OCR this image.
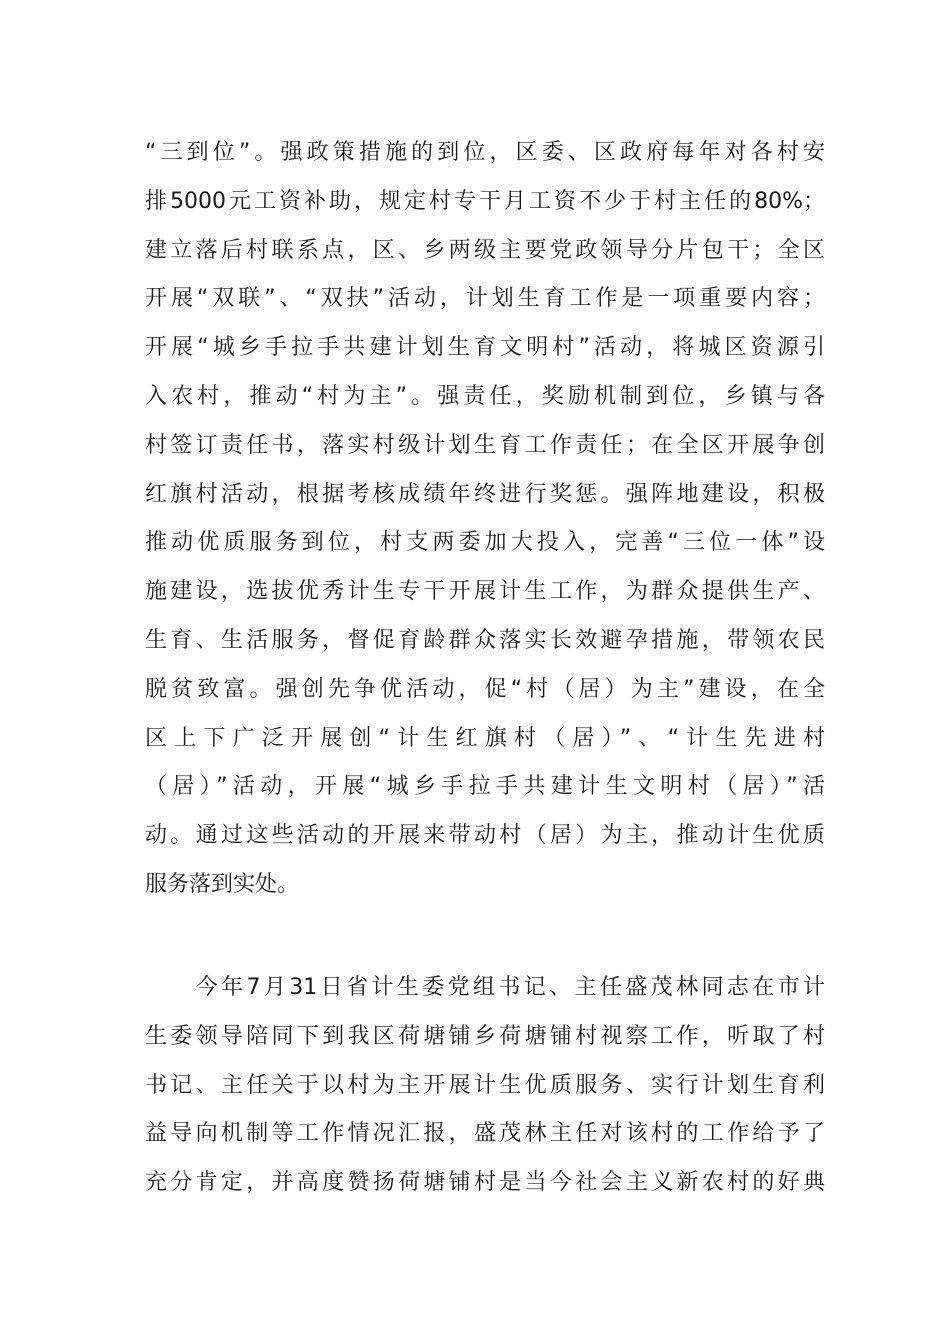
“三到位”。强政策措施的到位，区委、区政府每年对各村安
排5000元工资补助，规定村专干月工资不少于村主任的80%；
建立落后村联系点，区、乡两级主要党政领导分片包干；全区
开展“双联”、“双扶”活动，计划生育工作是一项重要内容；
开展“城乡手拉手共建计划生育文明村”活动，将城区资源引
入农村，推动“村为主”。强责任，奖励机制到位，乡镇与各
村签订责任书，落实村级计划生育工作责任；在全区开展争创
红旗村活动，根据考核成绩年终进行奖惩。强阵地建设，积极
推动优质服务到位，村支两委加大投入，完善“三位一体”设
施建设，选拔优秀计生专干开展计生工作，为群众提供生产、
生育、生活服务，督促育龄群众落实长效避孕措施，带领农民
脱贫致富。强创先争优活动，促“村（居）为主”建设，在全
区上下广泛开展创“计生红旗村（居）”、“计生先进村
（居）”活动，开展“城乡手拉手共建计生文明村（居）”活
动。通过这些活动的开展来带动村（居）为主，推动计生优质
服务落到实处。
　　今年7月31日省计生委党组书记、主任盛茂林同志在市计
生委领导陪同下到我区荷塘铺乡荷塘铺村视察工作，听取了村
书记、主任关于以村为主开展计生优质服务、实行计划生育利
益导向机制等工作情况汇报，盛茂林主任对该村的工作给予了
充分肯定，并高度赞扬荷塘铺村是当今社会主义新农村的好典
